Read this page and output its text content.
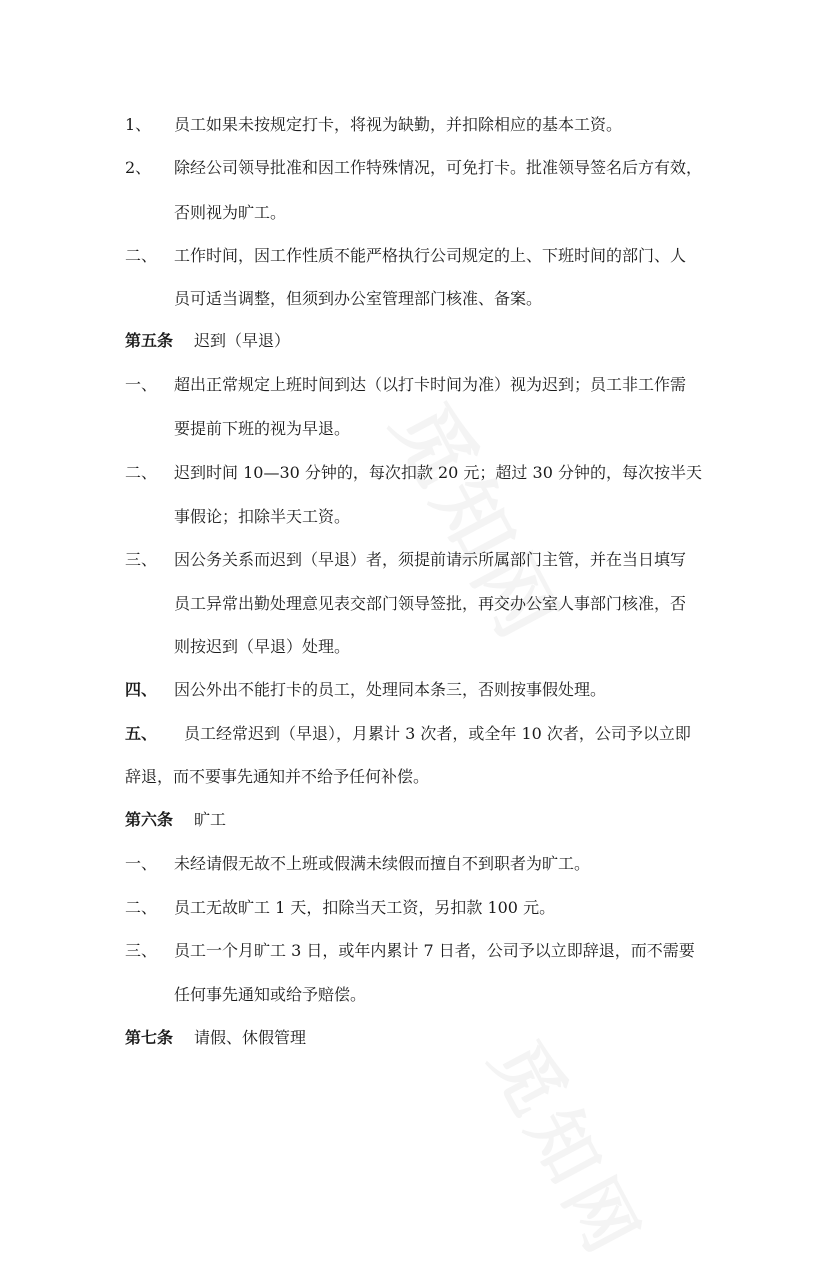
1、 员工如果未按规定打卡，将视为缺勤，并扣除相应的基本工资。
2、 除经公司领导批准和因工作特殊情况，可免打卡。批准领导签名后方有效，
否则视为旷工。
二、 工作时间，因工作性质不能严格执行公司规定的上、下班时间的部门、人
员可适当调整，但须到办公室管理部门核准、备案。
第五条 迟到（早退）
一、 超出正常规定上班时间到达（以打卡时间为准）视为迟到；员工非工作需
要提前下班的视为早退。
二、 迟到时间 10—30 分钟的，每次扣款 20 元；超过 30 分钟的，每次按半天
事假论；扣除半天工资。
三、 因公务关系而迟到（早退）者，须提前请示所属部门主管，并在当日填写
员工异常出勤处理意见表交部门领导签批，再交办公室人事部门核准，否
则按迟到（早退）处理。
四、 因公外出不能打卡的员工，处理同本条三，否则按事假处理。
五、 员工经常迟到（早退），月累计 3 次者，或全年 10 次者，公司予以立即
辞退，而不要事先通知并不给予任何补偿。
第六条 旷工
一、 未经请假无故不上班或假满未续假而擅自不到职者为旷工。
二、 员工无故旷工 1 天，扣除当天工资，另扣款 100 元。
三、 员工一个月旷工 3 日，或年内累计 7 日者，公司予以立即辞退，而不需要
任何事先通知或给予赔偿。
第七条 请假、休假管理
